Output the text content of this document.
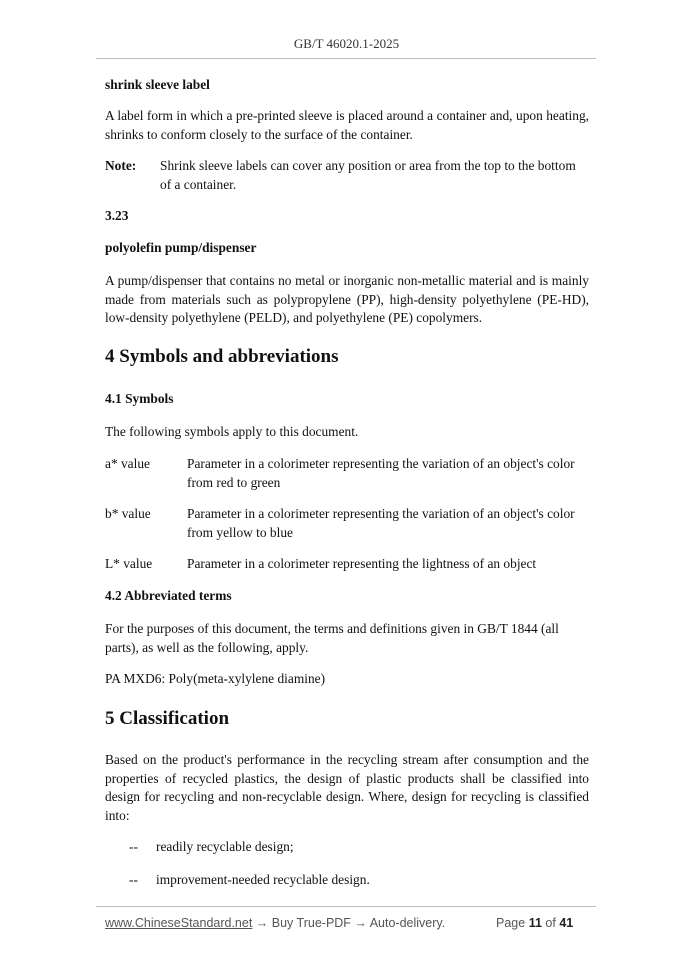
GB/T 46020.1-2025

shrink sleeve label

A label form in which a pre-printed sleeve is placed around a container and, upon heating, shrinks to conform closely to the surface of the container.

Note: Shrink sleeve labels can cover any position or area from the top to the bottom of a container.

3.23

polyolefin pump/dispenser

A pump/dispenser that contains no metal or inorganic non-metallic material and is mainly made from materials such as polypropylene (PP), high-density polyethylene (PE-HD), low-density polyethylene (PELD), and polyethylene (PE) copolymers.

4 Symbols and abbreviations

4.1 Symbols

The following symbols apply to this document.

a* value	Parameter in a colorimeter representing the variation of an object's color from red to green
b* value	Parameter in a colorimeter representing the variation of an object's color from yellow to blue
L* value	Parameter in a colorimeter representing the lightness of an object

4.2 Abbreviated terms

For the purposes of this document, the terms and definitions given in GB/T 1844 (all parts), as well as the following, apply.

PA MXD6: Poly(meta-xylylene diamine)

5 Classification

Based on the product's performance in the recycling stream after consumption and the properties of recycled plastics, the design of plastic products shall be classified into design for recycling and non-recyclable design. Where, design for recycling is classified into:

-- readily recyclable design;
-- improvement-needed recyclable design.
www.ChineseStandard.net → Buy True-PDF → Auto-delivery.	Page 11 of 41
